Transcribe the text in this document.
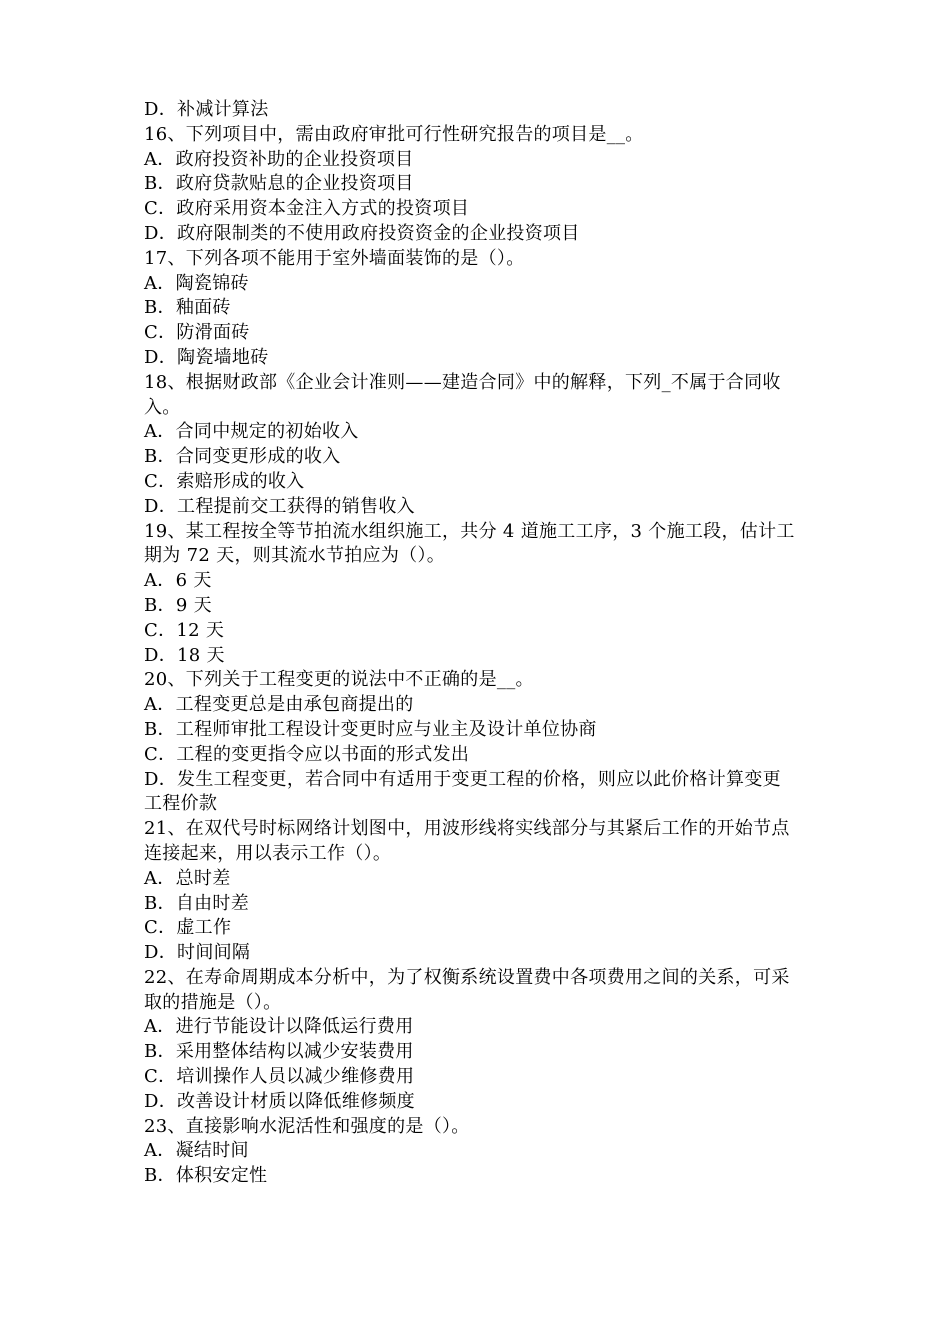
D．补减计算法

16、下列项目中，需由政府审批可行性研究报告的项目是__。

A．政府投资补助的企业投资项目

B．政府贷款贴息的企业投资项目

C．政府采用资本金注入方式的投资项目

D．政府限制类的不使用政府投资资金的企业投资项目

17、下列各项不能用于室外墙面装饰的是（）。

A．陶瓷锦砖

B．釉面砖

C．防滑面砖

D．陶瓷墙地砖

18、根据财政部《企业会计准则——建造合同》中的解释，下列_不属于合同收

入。

A．合同中规定的初始收入

B．合同变更形成的收入

C．索赔形成的收入

D．工程提前交工获得的销售收入

19、某工程按全等节拍流水组织施工，共分 4 道施工工序，3 个施工段，估计工

期为 72 天，则其流水节拍应为（）。

A．6 天

B．9 天

C．12 天

D．18 天

20、下列关于工程变更的说法中不正确的是__。

A．工程变更总是由承包商提出的

B．工程师审批工程设计变更时应与业主及设计单位协商

C．工程的变更指令应以书面的形式发出

D．发生工程变更，若合同中有适用于变更工程的价格，则应以此价格计算变更

工程价款

21、在双代号时标网络计划图中，用波形线将实线部分与其紧后工作的开始节点

连接起来，用以表示工作（）。

A．总时差

B．自由时差

C．虚工作

D．时间间隔

22、在寿命周期成本分析中，为了权衡系统设置费中各项费用之间的关系，可采

取的措施是（）。

A．进行节能设计以降低运行费用

B．采用整体结构以减少安装费用

C．培训操作人员以减少维修费用

D．改善设计材质以降低维修频度

23、直接影响水泥活性和强度的是（）。

A．凝结时间

B．体积安定性
